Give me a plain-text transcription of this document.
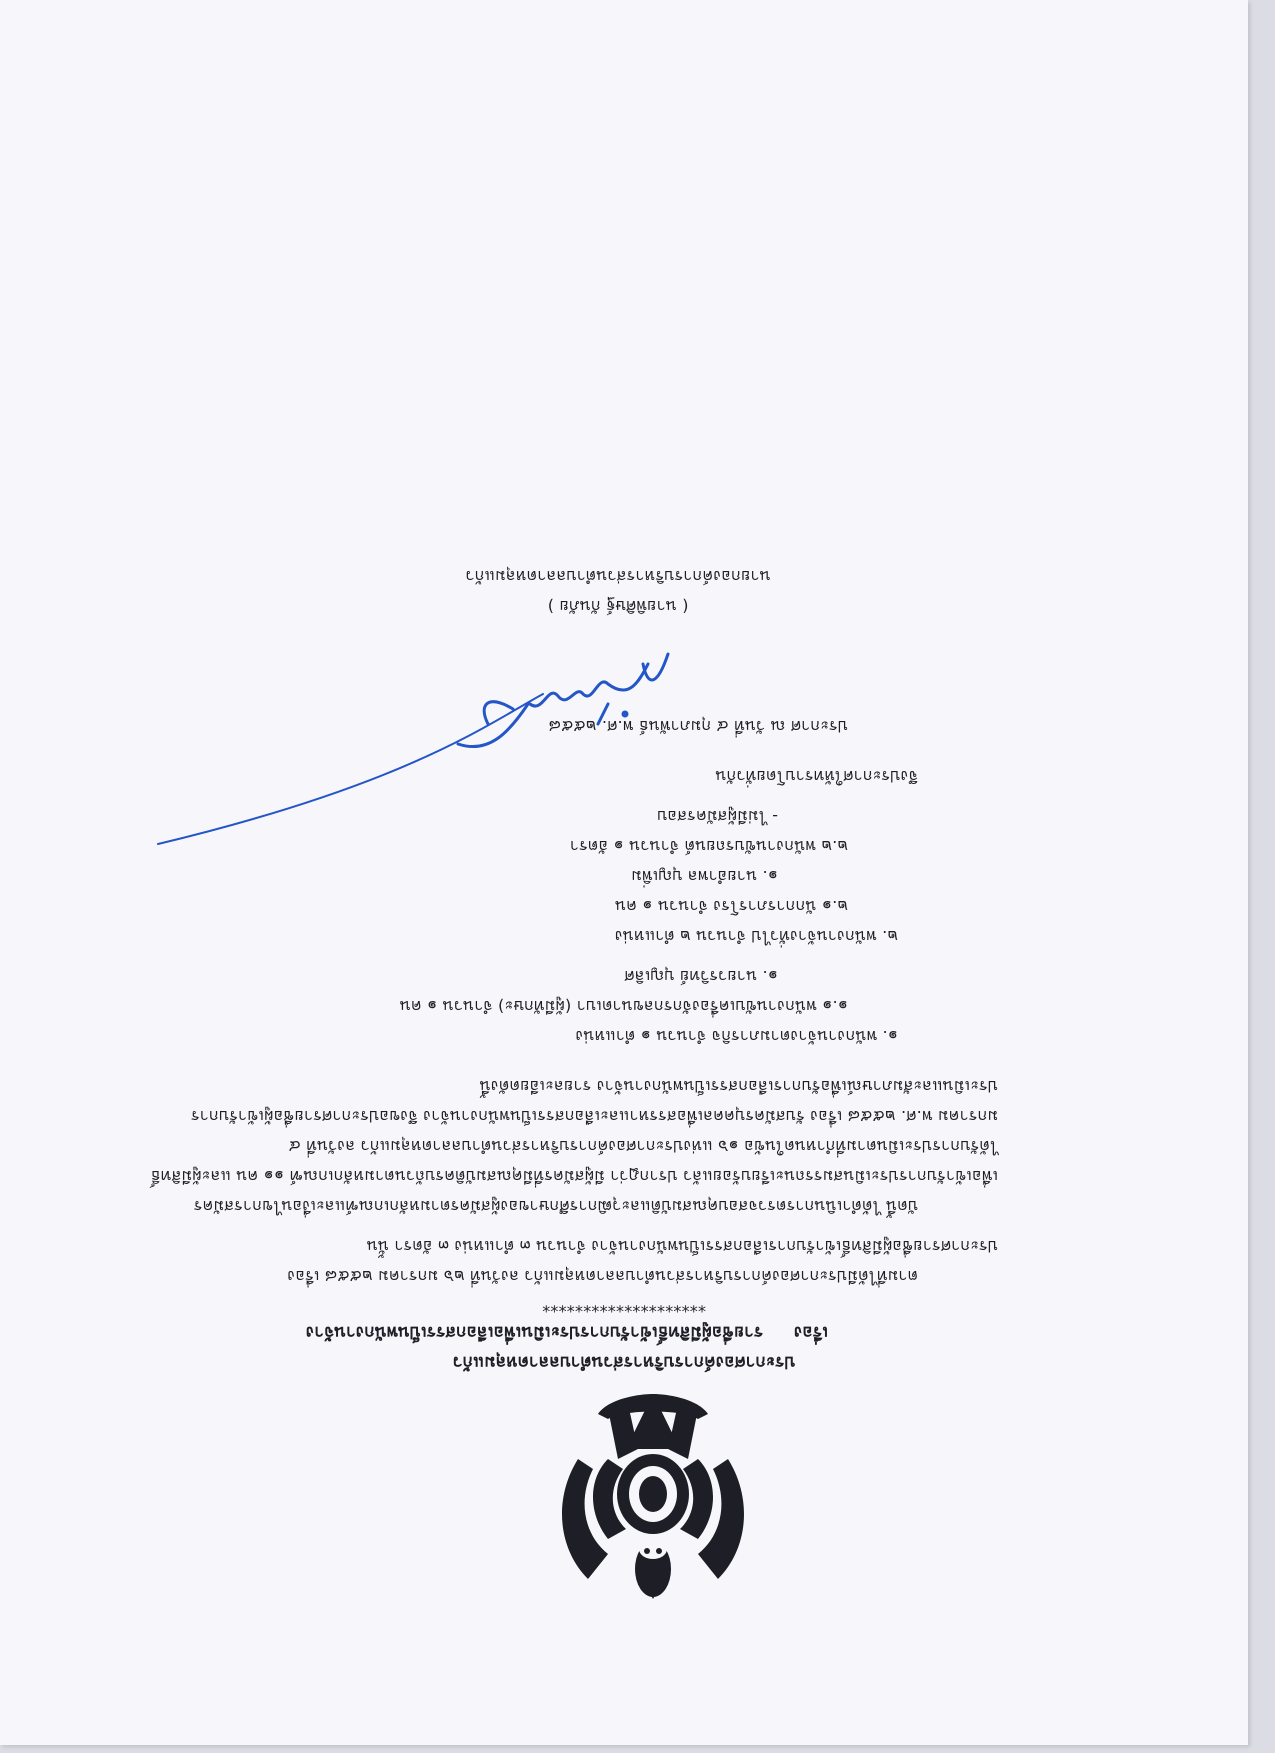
ประกาศองค์การบริหารส่วนตำบลลาดหลุมแก้ว
เรื่อง     รายชื่อผู้มีสิทธิ์เข้ารับการประเมินเพื่อเลือกสรรเป็นพนักงานจ้าง
********************
ตามที่ได้มีประกาศองค์การบริหารส่วนตำบลลาดหลุมแก้ว ลงวันที่ ๒๖ มกราคม ๒๕๕๘ เรื่อง
ประกาศรายชื่อผู้มีสิทธิ์เข้ารับการเลือกสรรเป็นพนักงานจ้าง จำนวน ๓ ตำแหน่ง ๓ อัตรา นั้น
บัดนี้ ได้ดำเนินการตรวจสอบคุณสมบัติและวุฒิการศึกษาของผู้สมัครตามหลักเกณฑ์และเงื่อนไขการสมัคร
เพื่อเข้ารับการประเมินสมรรถนะเรียบร้อยแล้ว ปรากฏว่า มีผู้สมัครที่มีคุณสมบัติครบถ้วนตามหลักเกณฑ์ ๑๑ คน และผู้มีสิทธิ์
ได้รับการประเมินตามที่กำหนดในข้อ ๑๖ แห่งประกาศองค์การบริหารส่วนตำบลลาดหลุมแก้ว ลงวันที่ ๔
มกราคม พ.ศ. ๒๕๕๘ เรื่อง รับสมัครบุคคลเพื่อสรรหาและเลือกสรรเป็นพนักงานจ้าง จึงขอประกาศรายชื่อผู้เข้ารับการ
ประเมินและสัมภาษณ์เพื่อรับการเลือกสรรเป็นพนักงานจ้าง รายละเอียดดังนี้
๑. พนักงานจ้างตามภารกิจ จำนวน ๑ ตำแหน่ง
๑.๑ พนักงานขับเครื่องจักรกลขนาดเบา (ผู้มีทักษะ) จำนวน ๑ คน
๑. นายวรวิทย์ บุญเลิศ
๒. พนักงานจ้างทั่วไป จำนวน ๒ ตำแหน่ง
๒.๑ นักการภารโรง จำนวน ๑ คน
๑. นายอำพล บุญเพิ่ม
๒.๒ พนักงานขับรถยนต์ จำนวน ๑ อัตรา
- ไม่มีผู้สมัครสอบ
จึงประกาศให้ทราบโดยทั่วกัน
ประกาศ ณ วันที่ ๔ กุมภาพันธ์ พ.ศ. ๒๕๕๘
( นายพิศิษฐ์ กันภัย )
นายกองค์การบริหารส่วนตำบลลาดหลุมแก้ว
